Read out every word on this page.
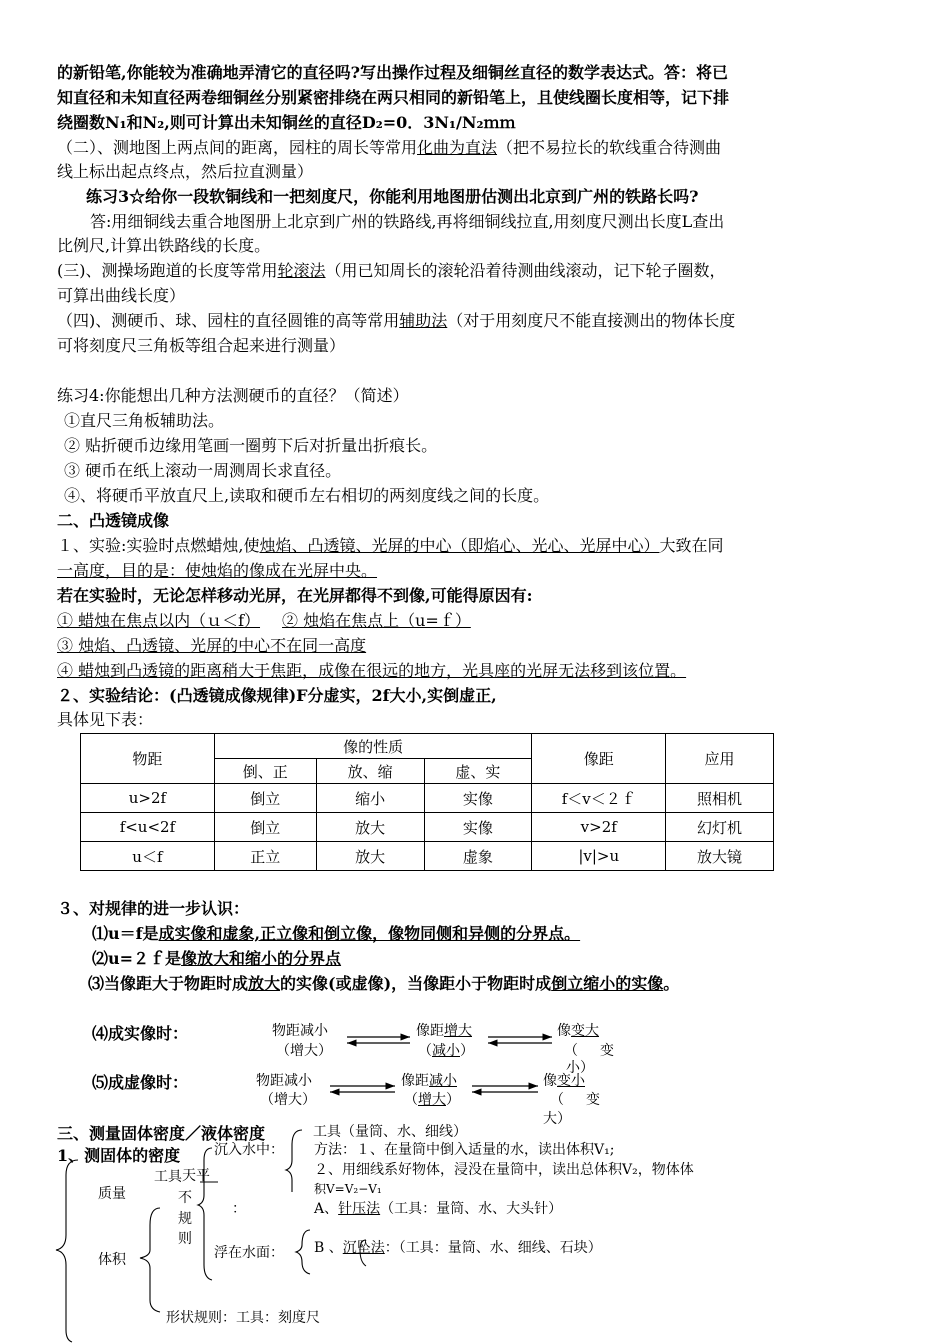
的新铅笔,你能较为准确地弄清它的直径吗?写出操作过程及细铜丝直径的数学表达式。答：将已
知直径和未知直径两卷细铜丝分别紧密排绕在两只相同的新铅笔上，且使线圈长度相等，记下排
绕圈数N₁和N₂,则可计算出未知铜丝的直径D₂=0．3N₁/N₂ｍｍ
（二）、测地图上两点间的距离，园柱的周长等常用化曲为直法（把不易拉长的软线重合待测曲
线上标出起点终点，然后拉直测量）
练习3☆给你一段软铜线和一把刻度尺，你能利用地图册估测出北京到广州的铁路长吗?
答:用细铜线去重合地图册上北京到广州的铁路线,再将细铜线拉直,用刻度尺测出长度L查出
比例尺,计算出铁路线的长度。
(三)、测操场跑道的长度等常用轮滚法（用已知周长的滚轮沿着待测曲线滚动，记下轮子圈数，
可算出曲线长度）
（四)、测硬币、球、园柱的直径圆锥的高等常用辅助法（对于用刻度尺不能直接测出的物体长度
可将刻度尺三角板等组合起来进行测量）
练习4:你能想出几种方法测硬币的直径？（简述）
①直尺三角板辅助法。
② 贴折硬币边缘用笔画一圈剪下后对折量出折痕长。
③ 硬币在纸上滚动一周测周长求直径。
④、将硬币平放直尺上,读取和硬币左右相切的两刻度线之间的长度。
二、凸透镜成像
１、实验:实验时点燃蜡烛,使烛焰、凸透镜、光屏的中心（即焰心、光心、光屏中心）大致在同
一高度，目的是：使烛焰的像成在光屏中央。
若在实验时，无论怎样移动光屏，在光屏都得不到像,可能得原因有:
① 蜡烛在焦点以内（ｕ＜f） ② 烛焰在焦点上（u=ｆ）
③ 烛焰、凸透镜、光屏的中心不在同一高度
④ 蜡烛到凸透镜的距离稍大于焦距，成像在很远的地方，光具座的光屏无法移到该位置。
２、实验结论：(凸透镜成像规律)F分虚实，2f大小,实倒虚正,
具体见下表：
物距	像的性质			像距	应用
	倒、正	放、缩	虚、实		
u>2f	倒立	缩小	实像	f＜v＜２ｆ	照相机
f<u<2f	倒立	放大	实像	v>2f	幻灯机
u＜f	正立	放大	虚象	|v|>u	放大镜
３、对规律的进一步认识：
⑴u＝f是成实像和虚象,正立像和倒立像，像物同侧和异侧的分界点。
⑵u=２ｆ是像放大和缩小的分界点
⑶当像距大于物距时成放大的实像(或虚像)，当像距小于物距时成倒立缩小的实像。
⑷成实像时：	物距减小
（增大）
像距增大
（减小）
像变大
（ 变
小）
⑸成虚像时：	物距减小
（增大）
像距减小
（增大）
像变小
（ 变
大）
三、测量固体密度／液体密度
1、测固体的密度
工具（量筒、水、细线）
沉入水中： 方法：１、在量筒中倒入适量的水，读出体积V₁;
２、用细线系好物体，浸没在量筒中，读出总体积V₂，物体体
积V=V₂−V₁
工具 天平
质量	不
规
则
：	A、针压法（工具：量筒、水、大头针）
体积	浮在水面： B 、沉坠法：（工具：量筒、水、细线、石块）
形状规则：工具：刻度尺
